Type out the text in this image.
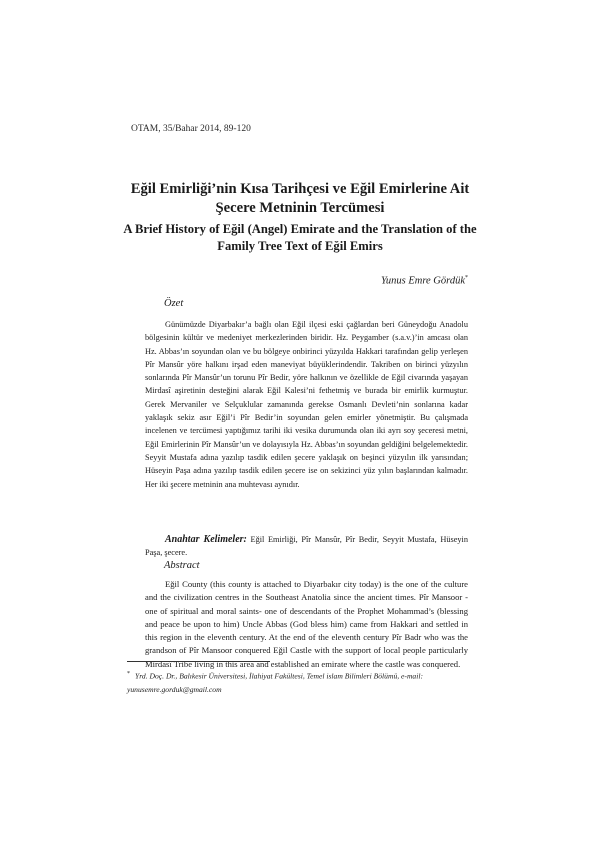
OTAM, 35/Bahar 2014, 89-120
Eğil Emirliği’nin Kısa Tarihçesi ve Eğil Emirlerine Ait Şecere Metninin Tercümesi
A Brief History of Eğil (Angel) Emirate and the Translation of the Family Tree Text of Eğil Emirs
Yunus Emre Gördük*
Özet

Günümüzde Diyarbakır’a bağlı olan Eğil ilçesi eski çağlardan beri Güneydoğu Anadolu bölgesinin kültür ve medeniyet merkezlerinden biridir. Hz. Peygamber (s.a.v.)’in amcası olan Hz. Abbas’ın soyundan olan ve bu bölgeye onbirinci yüzyılda Hakkari tarafından gelip yerleşen Pîr Mansûr yöre halkını irşad eden maneviyat büyüklerindendir. Takriben on birinci yüzyılın sonlarında Pîr Mansûr’un torunu Pîr Bedir, yöre halkının ve özellikle de Eğil civarında yaşayan Mirdasî aşiretinin desteğini alarak Eğil Kalesi’ni fethetmiş ve burada bir emirlik kurmuştur. Gerek Mervaniler ve Selçuklular zamanında gerekse Osmanlı Devleti’nin sonlarına kadar yaklaşık sekiz asır Eğil’i Pîr Bedir’in soyundan gelen emirler yönetmiştir. Bu çalışmada incelenen ve tercümesi yaptığımız tarihi iki vesika durumunda olan iki ayrı soy şeceresi metni, Eğil Emirlerinin Pîr Mansûr’un ve dolayısıyla Hz. Abbas’ın soyundan geldiğini belgelemektedir. Seyyit Mustafa adına yazılıp tasdik edilen şecere yaklaşık on beşinci yüzyılın ilk yarısından; Hüseyin Paşa adına yazılıp tasdik edilen şecere ise on sekizinci yüz yılın başlarından kalmadır. Her iki şecere metninin ana muhtevası aynıdır.

Anahtar Kelimeler: Eğil Emirliği, Pîr Mansûr, Pîr Bedir, Seyyit Mustafa, Hüseyin Paşa, şecere.

Abstract

Eğil County (this county is attached to Diyarbakır city today) is the one of the culture and the civilization centres in the Southeast Anatolia since the ancient times. Pîr Mansoor -one of spiritual and moral saints- one of descendants of the Prophet Mohammad’s (blessing and peace be upon to him) Uncle Abbas (God bless him) came from Hakkari and settled in this region in the eleventh century. At the end of the eleventh century Pîr Badr who was the grandson of Pîr Mansoor conquered Eğil Castle with the support of local people particularly Mirdasî Tribe living in this area and established an emirate where the castle was conquered.

* Yrd. Doç. Dr., Balıkesir Üniversitesi, İlahiyat Fakültesi, Temel islam Bilimleri Bölümü, e-mail: yunusemre.gorduk@gmail.com
